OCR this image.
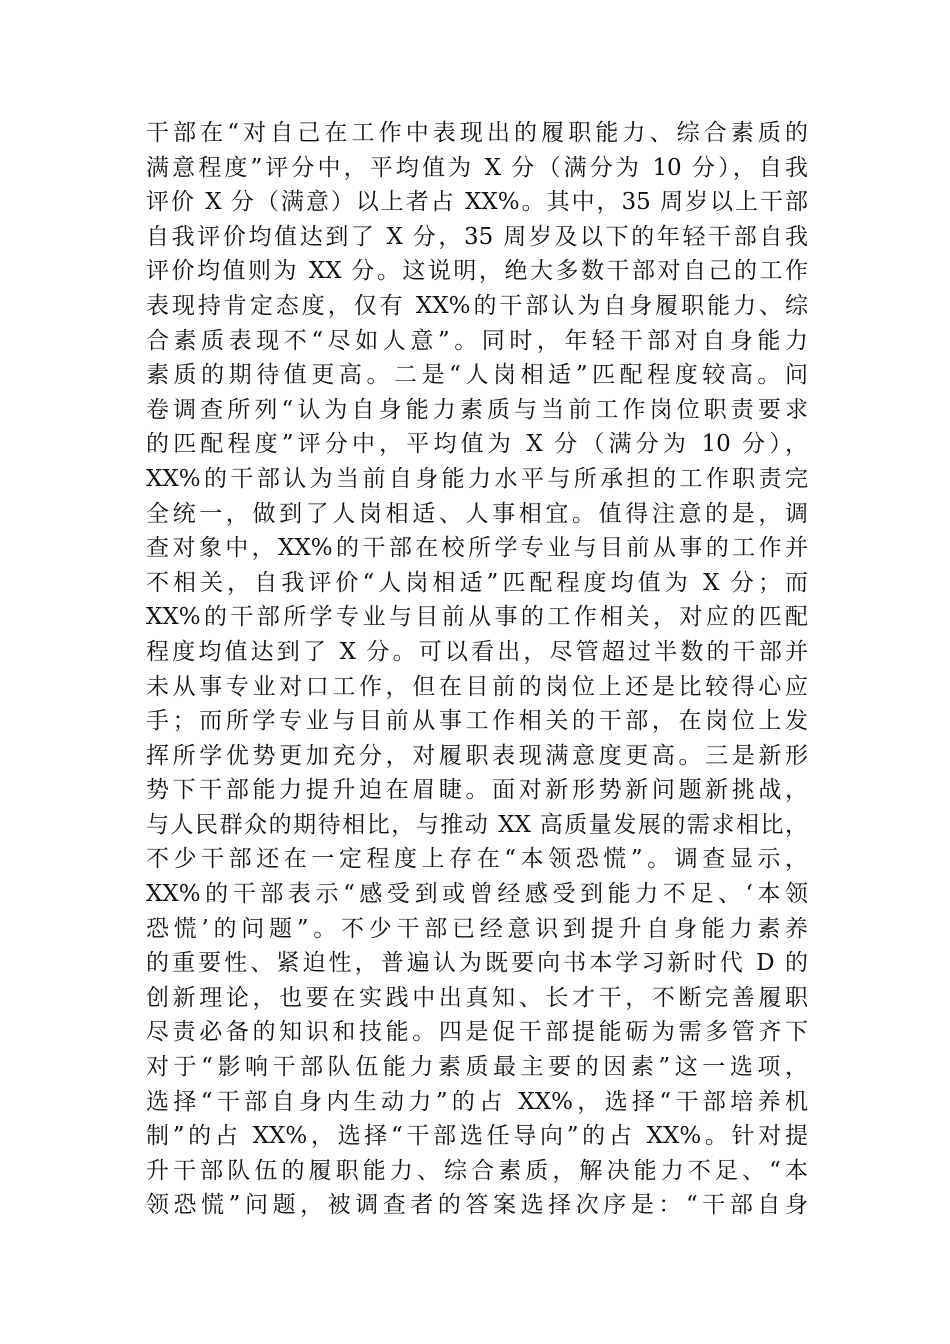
干部在“对自己在工作中表现出的履职能力、综合素质的
满意程度”评分中，平均值为 X 分（满分为 10 分），自我
评价 X 分（满意）以上者占 XX%。其中，35 周岁以上干部
自我评价均值达到了 X 分，35 周岁及以下的年轻干部自我
评价均值则为 XX 分。这说明，绝大多数干部对自己的工作
表现持肯定态度，仅有 XX%的干部认为自身履职能力、综
合素质表现不“尽如人意”。同时，年轻干部对自身能力
素质的期待值更高。二是“人岗相适”匹配程度较高。问
卷调查所列“认为自身能力素质与当前工作岗位职责要求
的匹配程度”评分中，平均值为 X 分（满分为 10 分），
XX%的干部认为当前自身能力水平与所承担的工作职责完
全统一，做到了人岗相适、人事相宜。值得注意的是，调
查对象中，XX%的干部在校所学专业与目前从事的工作并
不相关，自我评价“人岗相适”匹配程度均值为 X 分；而
XX%的干部所学专业与目前从事的工作相关，对应的匹配
程度均值达到了 X 分。可以看出，尽管超过半数的干部并
未从事专业对口工作，但在目前的岗位上还是比较得心应
手；而所学专业与目前从事工作相关的干部，在岗位上发
挥所学优势更加充分，对履职表现满意度更高。三是新形
势下干部能力提升迫在眉睫。面对新形势新问题新挑战，
与人民群众的期待相比，与推动 XX 高质量发展的需求相比，
不少干部还在一定程度上存在“本领恐慌”。调查显示，
XX%的干部表示“感受到或曾经感受到能力不足、‘本领
恐慌’的问题”。不少干部已经意识到提升自身能力素养
的重要性、紧迫性，普遍认为既要向书本学习新时代 D 的
创新理论，也要在实践中出真知、长才干，不断完善履职
尽责必备的知识和技能。四是促干部提能砺为需多管齐下
对于“影响干部队伍能力素质最主要的因素”这一选项，
选择“干部自身内生动力”的占 XX%，选择“干部培养机
制”的占 XX%，选择“干部选任导向”的占 XX%。针对提
升干部队伍的履职能力、综合素质，解决能力不足、“本
领恐慌”问题，被调查者的答案选择次序是：“干部自身
